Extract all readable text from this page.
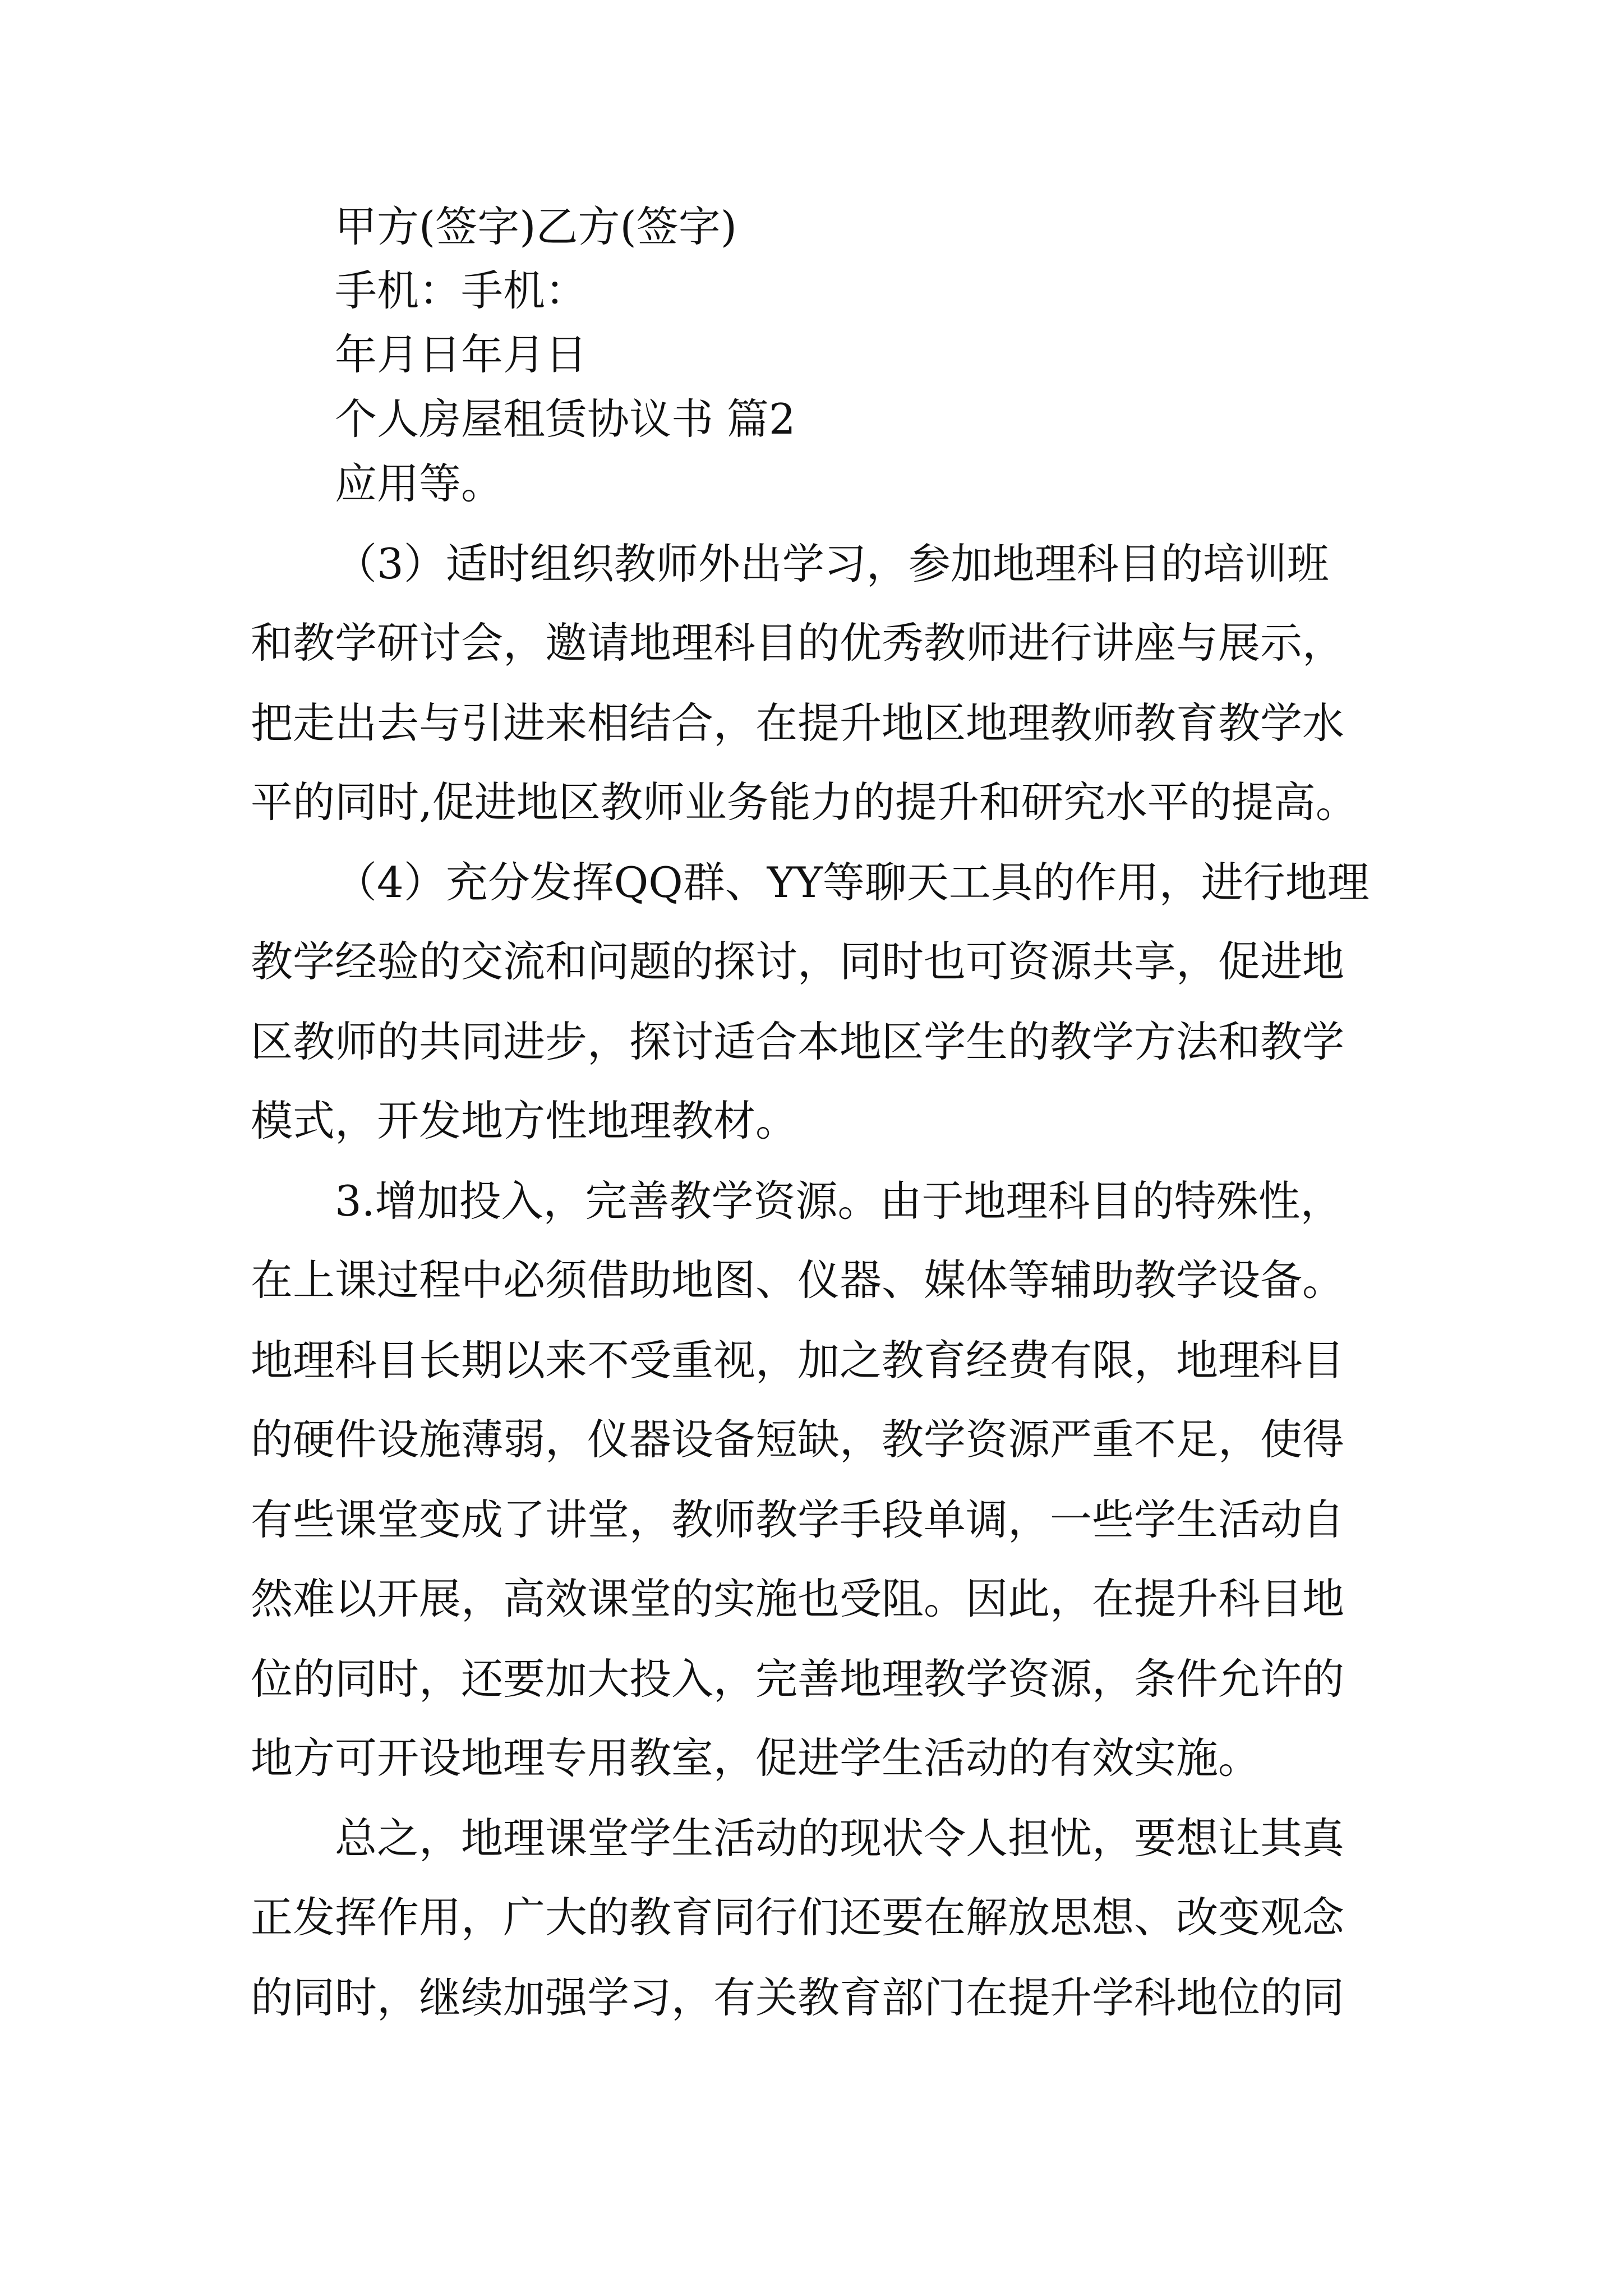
甲方(签字)乙方(签字)
手机：手机：
年月日年月日
个人房屋租赁协议书 篇2
应用等。
（3）适时组织教师外出学习，参加地理科目的培训班
和教学研讨会，邀请地理科目的优秀教师进行讲座与展示，
把走出去与引进来相结合，在提升地区地理教师教育教学水
平的同时,促进地区教师业务能力的提升和研究水平的提高。
（4）充分发挥QQ群、YY等聊天工具的作用，进行地理
教学经验的交流和问题的探讨，同时也可资源共享，促进地
区教师的共同进步，探讨适合本地区学生的教学方法和教学
模式，开发地方性地理教材。
3.增加投入，完善教学资源。由于地理科目的特殊性，
在上课过程中必须借助地图、仪器、媒体等辅助教学设备。
地理科目长期以来不受重视，加之教育经费有限，地理科目
的硬件设施薄弱，仪器设备短缺，教学资源严重不足，使得
有些课堂变成了讲堂，教师教学手段单调，一些学生活动自
然难以开展，高效课堂的实施也受阻。因此，在提升科目地
位的同时，还要加大投入，完善地理教学资源，条件允许的
地方可开设地理专用教室，促进学生活动的有效实施。
总之，地理课堂学生活动的现状令人担忧，要想让其真
正发挥作用，广大的教育同行们还要在解放思想、改变观念
的同时，继续加强学习，有关教育部门在提升学科地位的同
